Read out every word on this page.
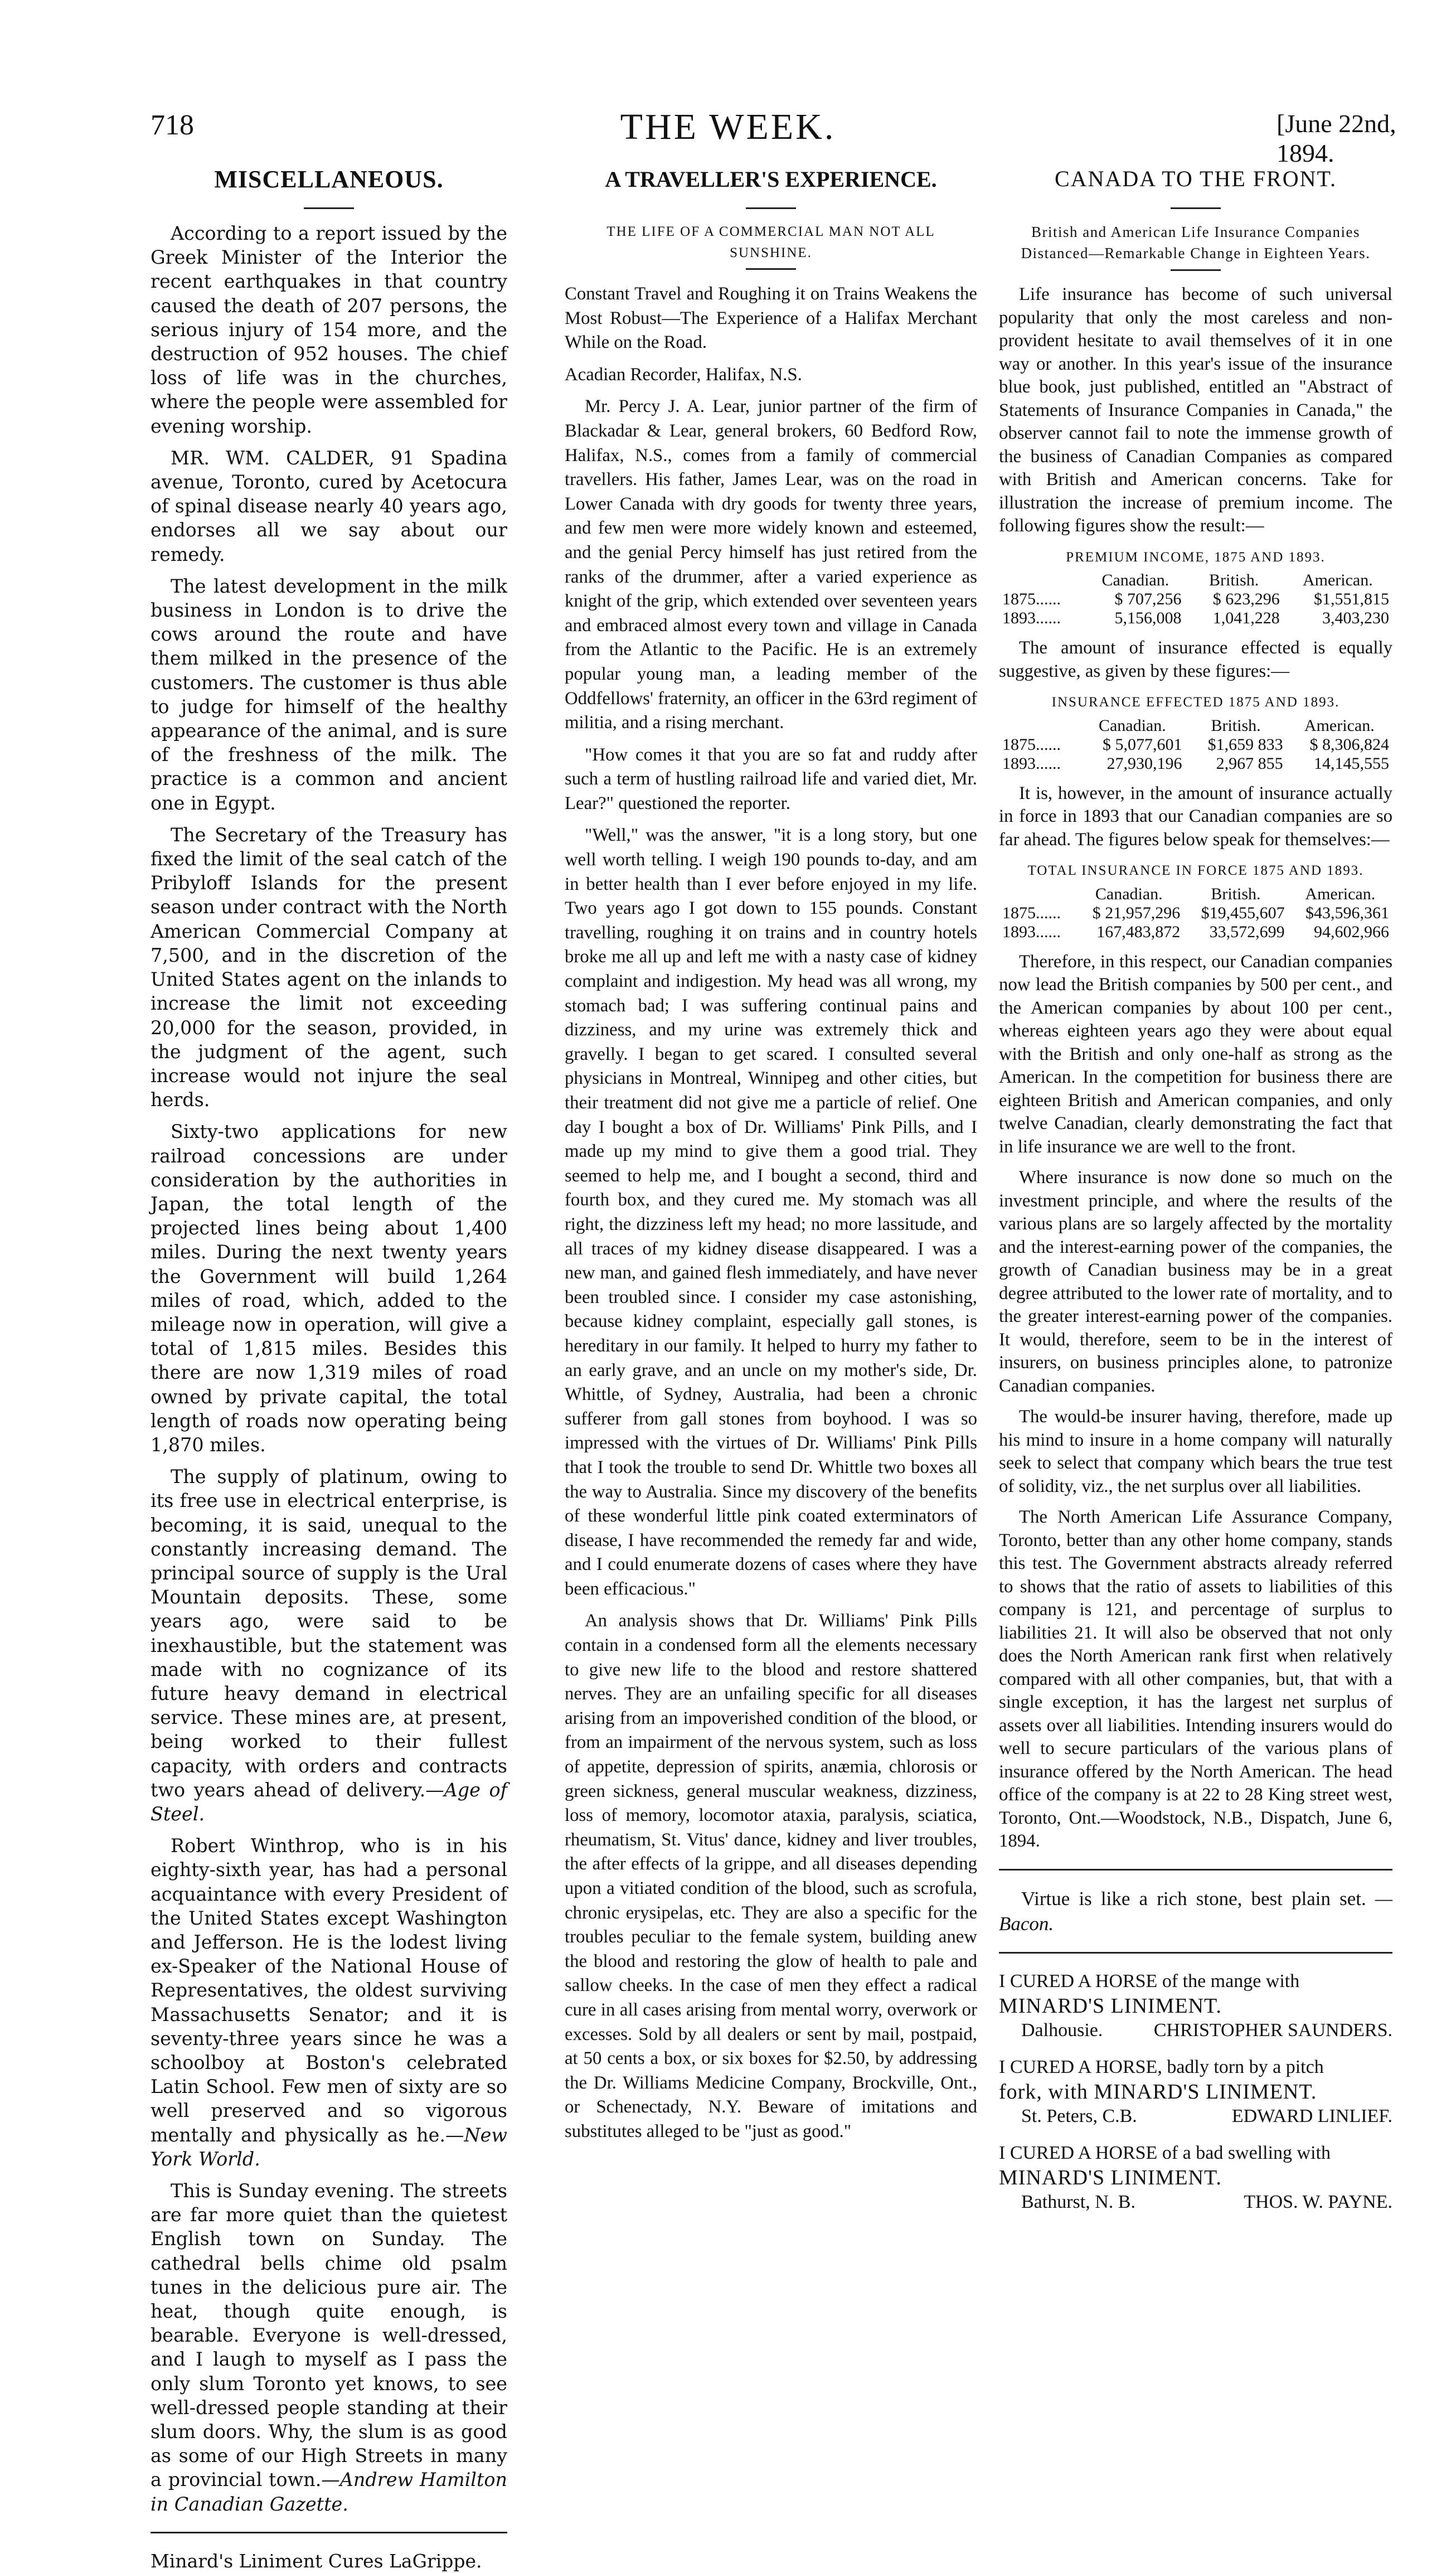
718	THE WEEK.	[June 22nd, 1894.
MISCELLANEOUS.

According to a report issued by the Greek Minister of the Interior the recent earthquakes in that country caused the death of 207 persons, the serious injury of 154 more, and the destruction of 952 houses. The chief loss of life was in the churches, where the people were assembled for evening worship.

MR. WM. CALDER, 91 Spadina avenue, Toronto, cured by Acetocura of spinal disease nearly 40 years ago, endorses all we say about our remedy.

The latest development in the milk business in London is to drive the cows around the route and have them milked in the presence of the customers. The customer is thus able to judge for himself of the healthy appearance of the animal, and is sure of the freshness of the milk. The practice is a common and ancient one in Egypt.

The Secretary of the Treasury has fixed the limit of the seal catch of the Pribyloff Islands for the present season under contract with the North American Commercial Company at 7,500, and in the discretion of the United States agent on the inlands to increase the limit not exceeding 20,000 for the season, provided, in the judgment of the agent, such increase would not injure the seal herds.

Sixty-two applications for new railroad concessions are under consideration by the authorities in Japan, the total length of the projected lines being about 1,400 miles. During the next twenty years the Government will build 1,264 miles of road, which, added to the mileage now in operation, will give a total of 1,815 miles. Besides this there are now 1,319 miles of road owned by private capital, the total length of roads now operating being 1,870 miles.

The supply of platinum, owing to its free use in electrical enterprise, is becoming, it is said, unequal to the constantly increasing demand. The principal source of supply is the Ural Mountain deposits. These, some years ago, were said to be inexhaustible, but the statement was made with no cognizance of its future heavy demand in electrical service. These mines are, at present, being worked to their fullest capacity, with orders and contracts two years ahead of delivery.—Age of Steel.

Robert Winthrop, who is in his eighty-sixth year, has had a personal acquaintance with every President of the United States except Washington and Jefferson. He is the lodest living ex-Speaker of the National House of Representatives, the oldest surviving Massachusetts Senator; and it is seventy-three years since he was a schoolboy at Boston's celebrated Latin School. Few men of sixty are so well preserved and so vigorous mentally and physically as he.—New York World.

This is Sunday evening. The streets are far more quiet than the quietest English town on Sunday. The cathedral bells chime old psalm tunes in the delicious pure air. The heat, though quite enough, is bearable. Everyone is well-dressed, and I laugh to myself as I pass the only slum Toronto yet knows, to see well-dressed people standing at their slum doors. Why, the slum is as good as some of our High Streets in many a provincial town.—Andrew Hamilton in Canadian Gazette.

Minard's Liniment Cures LaGrippe.
A TRAVELLER'S EXPERIENCE.
THE LIFE OF A COMMERCIAL MAN NOT ALL SUNSHINE.

Constant Travel and Roughing it on Trains Weakens the Most Robust—The Experience of a Halifax Merchant While on the Road.

Acadian Recorder, Halifax, N.S.

Mr. Percy J. A. Lear, junior partner of the firm of Blackadar & Lear, general brokers, 60 Bedford Row, Halifax, N.S., comes from a family of commercial travellers. His father, James Lear, was on the road in Lower Canada with dry goods for twenty three years, and few men were more widely known and esteemed, and the genial Percy himself has just retired from the ranks of the drummer, after a varied experience as knight of the grip, which extended over seventeen years and embraced almost every town and village in Canada from the Atlantic to the Pacific. He is an extremely popular young man, a leading member of the Oddfellows' fraternity, an officer in the 63rd regiment of militia, and a rising merchant.

"How comes it that you are so fat and ruddy after such a term of hustling railroad life and varied diet, Mr. Lear?" questioned the reporter.

"Well," was the answer, "it is a long story, but one well worth telling. I weigh 190 pounds to-day, and am in better health than I ever before enjoyed in my life. Two years ago I got down to 155 pounds. Constant travelling, roughing it on trains and in country hotels broke me all up and left me with a nasty case of kidney complaint and indigestion. My head was all wrong, my stomach bad; I was suffering continual pains and dizziness, and my urine was extremely thick and gravelly. I began to get scared. I consulted several physicians in Montreal, Winnipeg and other cities, but their treatment did not give me a particle of relief. One day I bought a box of Dr. Williams' Pink Pills, and I made up my mind to give them a good trial. They seemed to help me, and I bought a second, third and fourth box, and they cured me. My stomach was all right, the dizziness left my head; no more lassitude, and all traces of my kidney disease disappeared. I was a new man, and gained flesh immediately, and have never been troubled since. I consider my case astonishing, because kidney complaint, especially gall stones, is hereditary in our family. It helped to hurry my father to an early grave, and an uncle on my mother's side, Dr. Whittle, of Sydney, Australia, had been a chronic sufferer from gall stones from boyhood. I was so impressed with the virtues of Dr. Williams' Pink Pills that I took the trouble to send Dr. Whittle two boxes all the way to Australia. Since my discovery of the benefits of these wonderful little pink coated exterminators of disease, I have recommended the remedy far and wide, and I could enumerate dozens of cases where they have been efficacious."

An analysis shows that Dr. Williams' Pink Pills contain in a condensed form all the elements necessary to give new life to the blood and restore shattered nerves. They are an unfailing specific for all diseases arising from an impoverished condition of the blood, or from an impairment of the nervous system, such as loss of appetite, depression of spirits, anæmia, chlorosis or green sickness, general muscular weakness, dizziness, loss of memory, locomotor ataxia, paralysis, sciatica, rheumatism, St. Vitus' dance, kidney and liver troubles, the after effects of la grippe, and all diseases depending upon a vitiated condition of the blood, such as scrofula, chronic erysipelas, etc. They are also a specific for the troubles peculiar to the female system, building anew the blood and restoring the glow of health to pale and sallow cheeks. In the case of men they effect a radical cure in all cases arising from mental worry, overwork or excesses. Sold by all dealers or sent by mail, postpaid, at 50 cents a box, or six boxes for $2.50, by addressing the Dr. Williams Medicine Company, Brockville, Ont., or Schenectady, N.Y. Beware of imitations and substitutes alleged to be "just as good."

CANADA TO THE FRONT.
British and American Life Insurance Companies Distanced—Remarkable Change in Eighteen Years.

Life insurance has become of such universal popularity that only the most careless and non-provident hesitate to avail themselves of it in one way or another. In this year's issue of the insurance blue book, just published, entitled an "Abstract of Statements of Insurance Companies in Canada," the observer cannot fail to note the immense growth of the business of Canadian Companies as compared with British and American concerns. Take for illustration the increase of premium income. The following figures show the result:—

PREMIUM INCOME, 1875 AND 1893.
	Canadian.	British.	American.
1875......	$ 707,256	$ 623,296	$1,551,815
1893......	5,156,008	1,041,228	3,403,230

The amount of insurance effected is equally suggestive, as given by these figures:—

INSURANCE EFFECTED 1875 AND 1893.
	Canadian.	British.	American.
1875......	$ 5,077,601	$1,659 833	$ 8,306,824
1893......	27,930,196	2,967 855	14,145,555

It is, however, in the amount of insurance actually in force in 1893 that our Canadian companies are so far ahead. The figures below speak for themselves:—

TOTAL INSURANCE IN FORCE 1875 AND 1893.
	Canadian.	British.	American.
1875......	$ 21,957,296	$19,455,607	$43,596,361
1893......	167,483,872	33,572,699	94,602,966

Therefore, in this respect, our Canadian companies now lead the British companies by 500 per cent., and the American companies by about 100 per cent., whereas eighteen years ago they were about equal with the British and only one-half as strong as the American. In the competition for business there are eighteen British and American companies, and only twelve Canadian, clearly demonstrating the fact that in life insurance we are well to the front.

Where insurance is now done so much on the investment principle, and where the results of the various plans are so largely affected by the mortality and the interest-earning power of the companies, the growth of Canadian business may be in a great degree attributed to the lower rate of mortality, and to the greater interest-earning power of the companies. It would, therefore, seem to be in the interest of insurers, on business principles alone, to patronize Canadian companies.

The would-be insurer having, therefore, made up his mind to insure in a home company will naturally seek to select that company which bears the true test of solidity, viz., the net surplus over all liabilities.

The North American Life Assurance Company, Toronto, better than any other home company, stands this test. The Government abstracts already referred to shows that the ratio of assets to liabilities of this company is 121, and percentage of surplus to liabilities 21. It will also be observed that not only does the North American rank first when relatively compared with all other companies, but, that with a single exception, it has the largest net surplus of assets over all liabilities. Intending insurers would do well to secure particulars of the various plans of insurance offered by the North American. The head office of the company is at 22 to 28 King street west, Toronto, Ont.—Woodstock, N.B., Dispatch, June 6, 1894.

Virtue is like a rich stone, best plain set. —Bacon.

I CURED A HORSE of the mange with

MINARD'S LINIMENT.

Dalhousie.	CHRISTOPHER SAUNDERS.

I CURED A HORSE, badly torn by a pitch

fork, with MINARD'S LINIMENT.

St. Peters, C.B.	EDWARD LINLIEF.

I CURED A HORSE of a bad swelling with

MINARD'S LINIMENT.

Bathurst, N. B.	THOS. W. PAYNE.
